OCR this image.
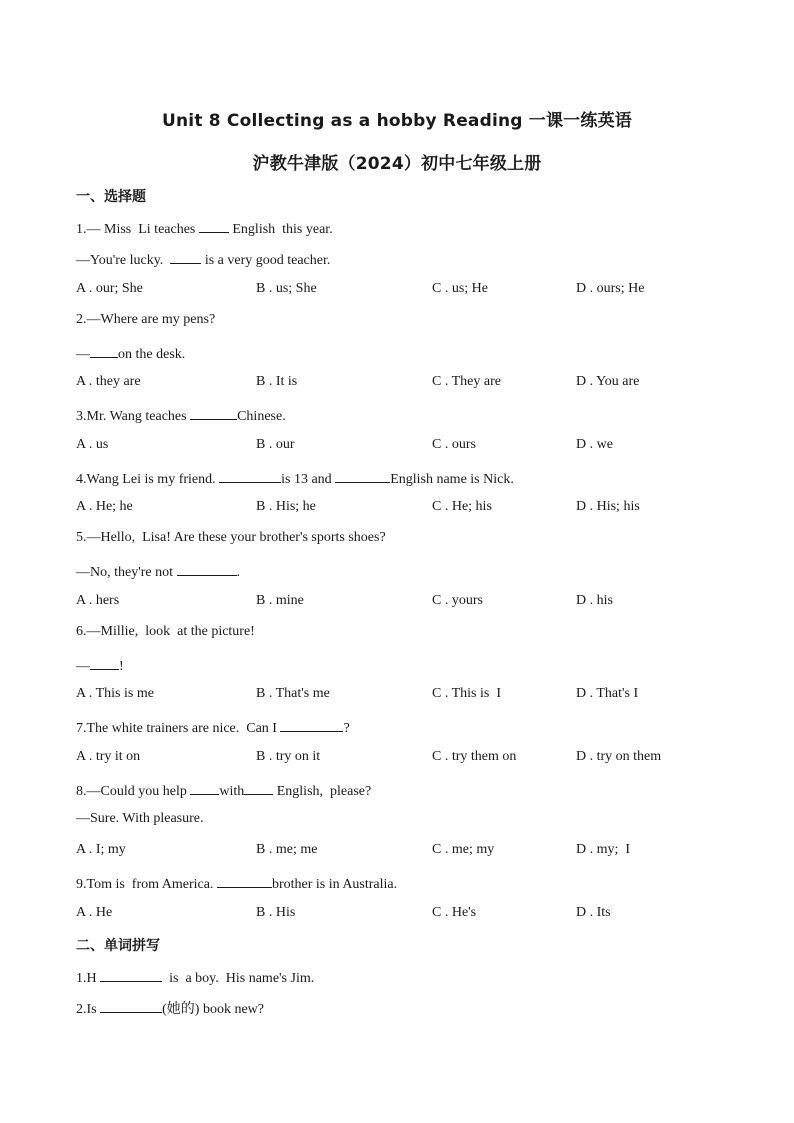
Unit 8 Collecting as a hobby Reading 一课一练英语
沪教牛津版（2024）初中七年级上册
一、选择题
1.— Miss  Li teaches  English  this year.
—You're lucky.   is a very good teacher.
A . our; She	B . us; She	C . us; He	D . ours; He
2.—Where are my pens?
— on the desk.
A . they are	B . It is	C . They are	D . You are
3.Mr. Wang teaches	Chinese.
A . us	B . our	C . ours	D . we
4.Wang Lei is my friend.	is 13 and	English name is Nick.
A . He; he	B . His; he	C . He; his	D . His; his
5.—Hello,  Lisa! Are these your brother's sports shoes?
—No, they're not	.
A . hers	B . mine	C . yours	D . his
6.—Millie,  look  at the picture!
— !
A . This is me	B . That's me	C . This is  I	D . That's I
7.The white trainers are nice.  Can I	?
A . try it on	B . try on it	C . try them on	D . try on them
8.—Could you help with English,  please?
—Sure. With pleasure.
A . I; my	B . me; me	C . me; my	D . my;  I
9.Tom is  from America.	brother is in Australia.
A . He	B . His	C . He's	D . Its
二、单词拼写
1.H	is  a boy.  His name's Jim.
2.Is	(她的) book new?
